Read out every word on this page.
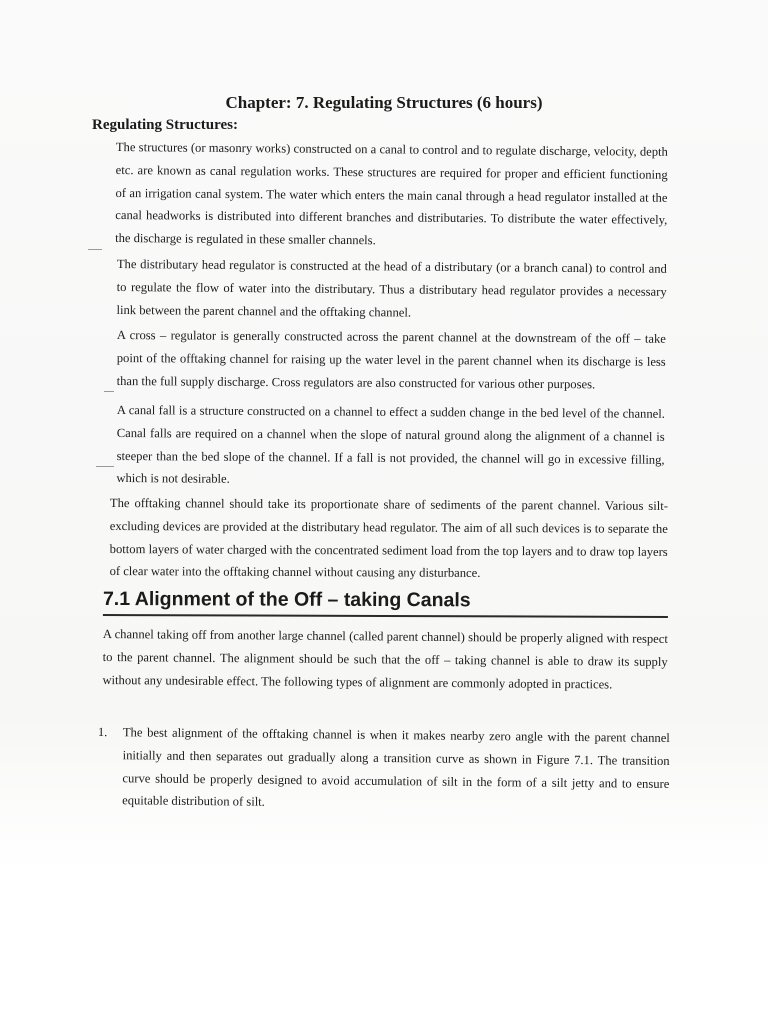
Chapter: 7. Regulating Structures (6 hours)
Regulating Structures:

The structures (or masonry works) constructed on a canal to control and to regulate discharge, velocity, depth etc. are known as canal regulation works. These structures are required for proper and efficient functioning of an irrigation canal system. The water which enters the main canal through a head regulator installed at the canal headworks is distributed into different branches and distributaries. To distribute the water effectively, the discharge is regulated in these smaller channels.

The distributary head regulator is constructed at the head of a distributary (or a branch canal) to control and to regulate the flow of water into the distributary. Thus a distributary head regulator provides a necessary link between the parent channel and the offtaking channel.

A cross – regulator is generally constructed across the parent channel at the downstream of the off – take point of the offtaking channel for raising up the water level in the parent channel when its discharge is less than the full supply discharge. Cross regulators are also constructed for various other purposes.

A canal fall is a structure constructed on a channel to effect a sudden change in the bed level of the channel. Canal falls are required on a channel when the slope of natural ground along the alignment of a channel is steeper than the bed slope of the channel. If a fall is not provided, the channel will go in excessive filling, which is not desirable.

The offtaking channel should take its proportionate share of sediments of the parent channel. Various silt-excluding devices are provided at the distributary head regulator. The aim of all such devices is to separate the bottom layers of water charged with the concentrated sediment load from the top layers and to draw top layers of clear water into the offtaking channel without causing any disturbance.

7.1 Alignment of the Off – taking Canals

A channel taking off from another large channel (called parent channel) should be properly aligned with respect to the parent channel. The alignment should be such that the off – taking channel is able to draw its supply without any undesirable effect. The following types of alignment are commonly adopted in practices.

1. The best alignment of the offtaking channel is when it makes nearby zero angle with the parent channel initially and then separates out gradually along a transition curve as shown in Figure 7.1. The transition curve should be properly designed to avoid accumulation of silt in the form of a silt jetty and to ensure equitable distribution of silt.
